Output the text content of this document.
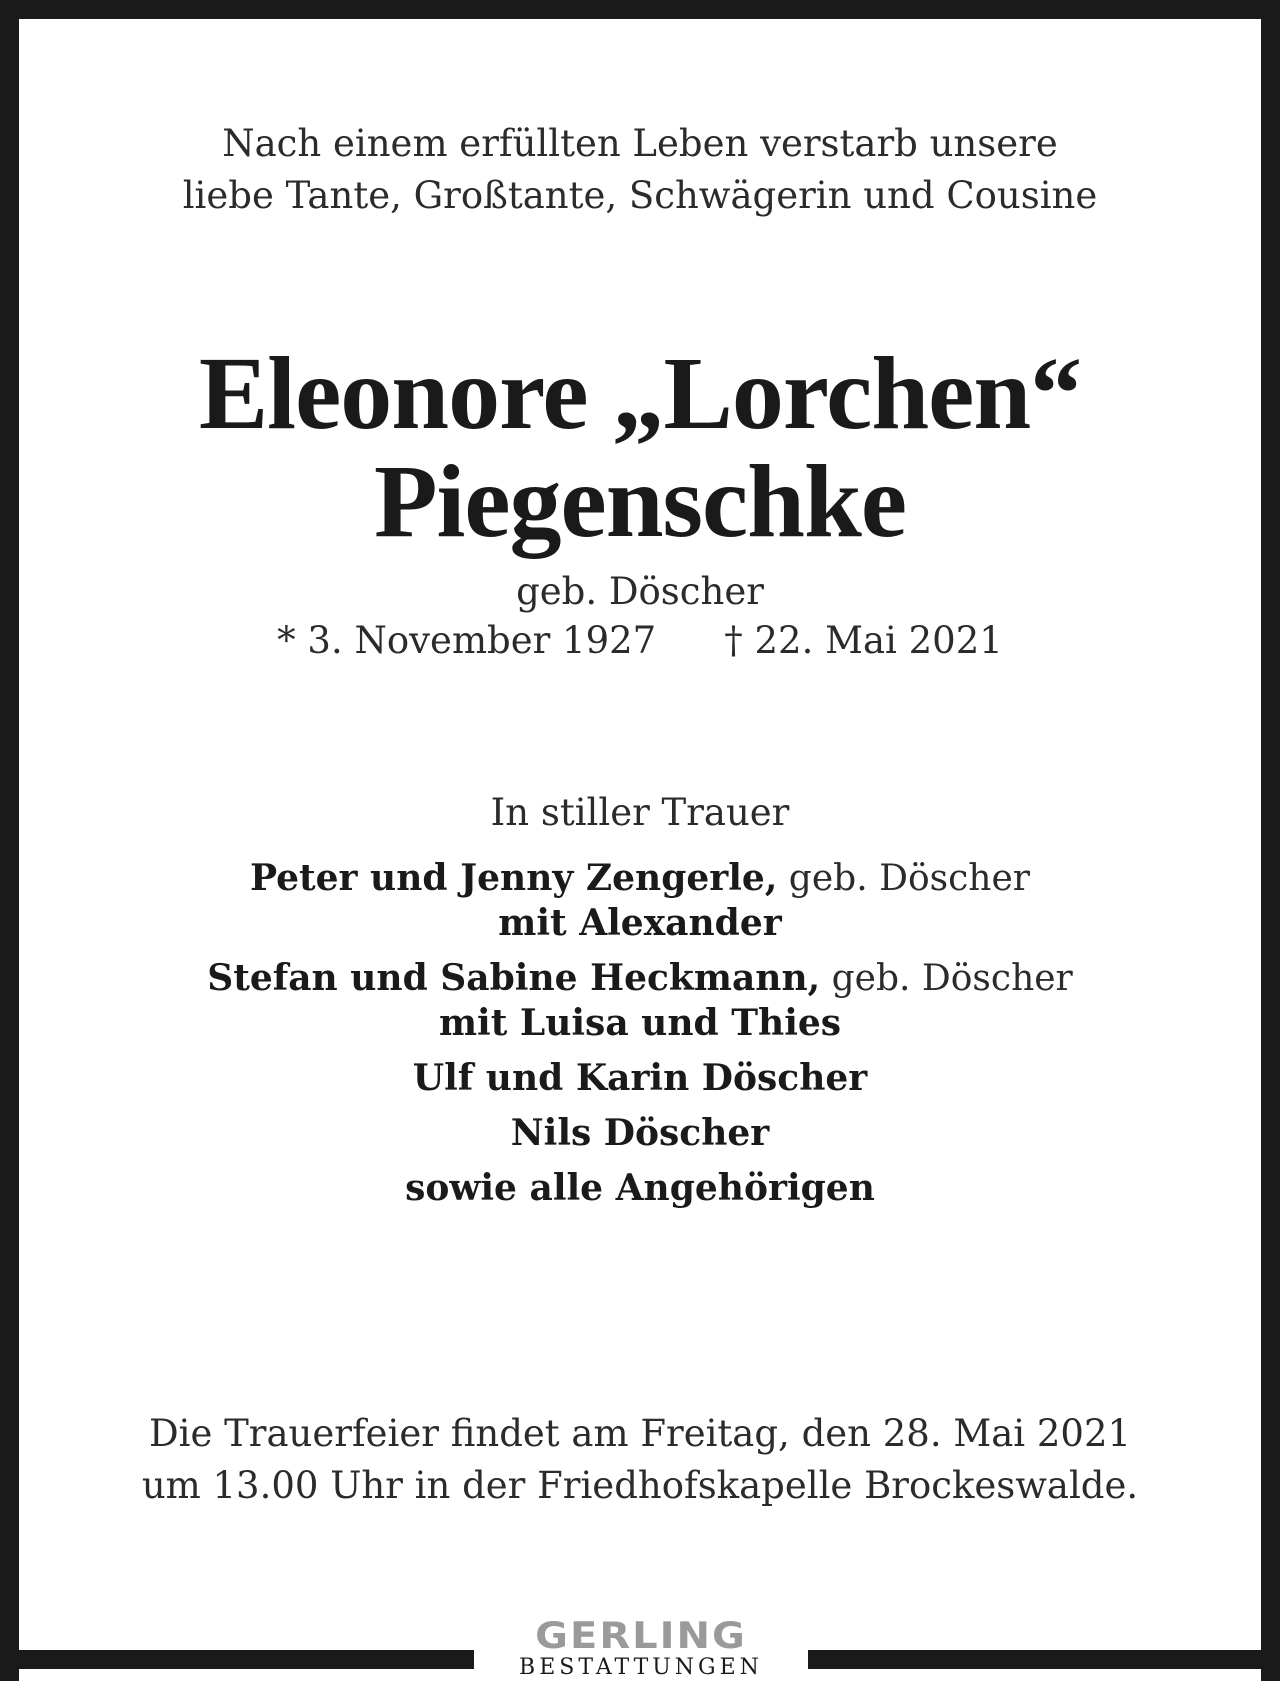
Nach einem erfüllten Leben verstarb unsere
liebe Tante, Großtante, Schwägerin und Cousine
Eleonore „Lorchen“
Piegenschke
geb. Döscher
* 3. November 1927 † 22. Mai 2021
In stiller Trauer
Peter und Jenny Zengerle, geb. Döscher
mit Alexander
Stefan und Sabine Heckmann, geb. Döscher
mit Luisa und Thies
Ulf und Karin Döscher
Nils Döscher
sowie alle Angehörigen
Die Trauerfeier findet am Freitag, den 28. Mai 2021
um 13.00 Uhr in der Friedhofskapelle Brockeswalde.
GERLING
BESTATTUNGEN
